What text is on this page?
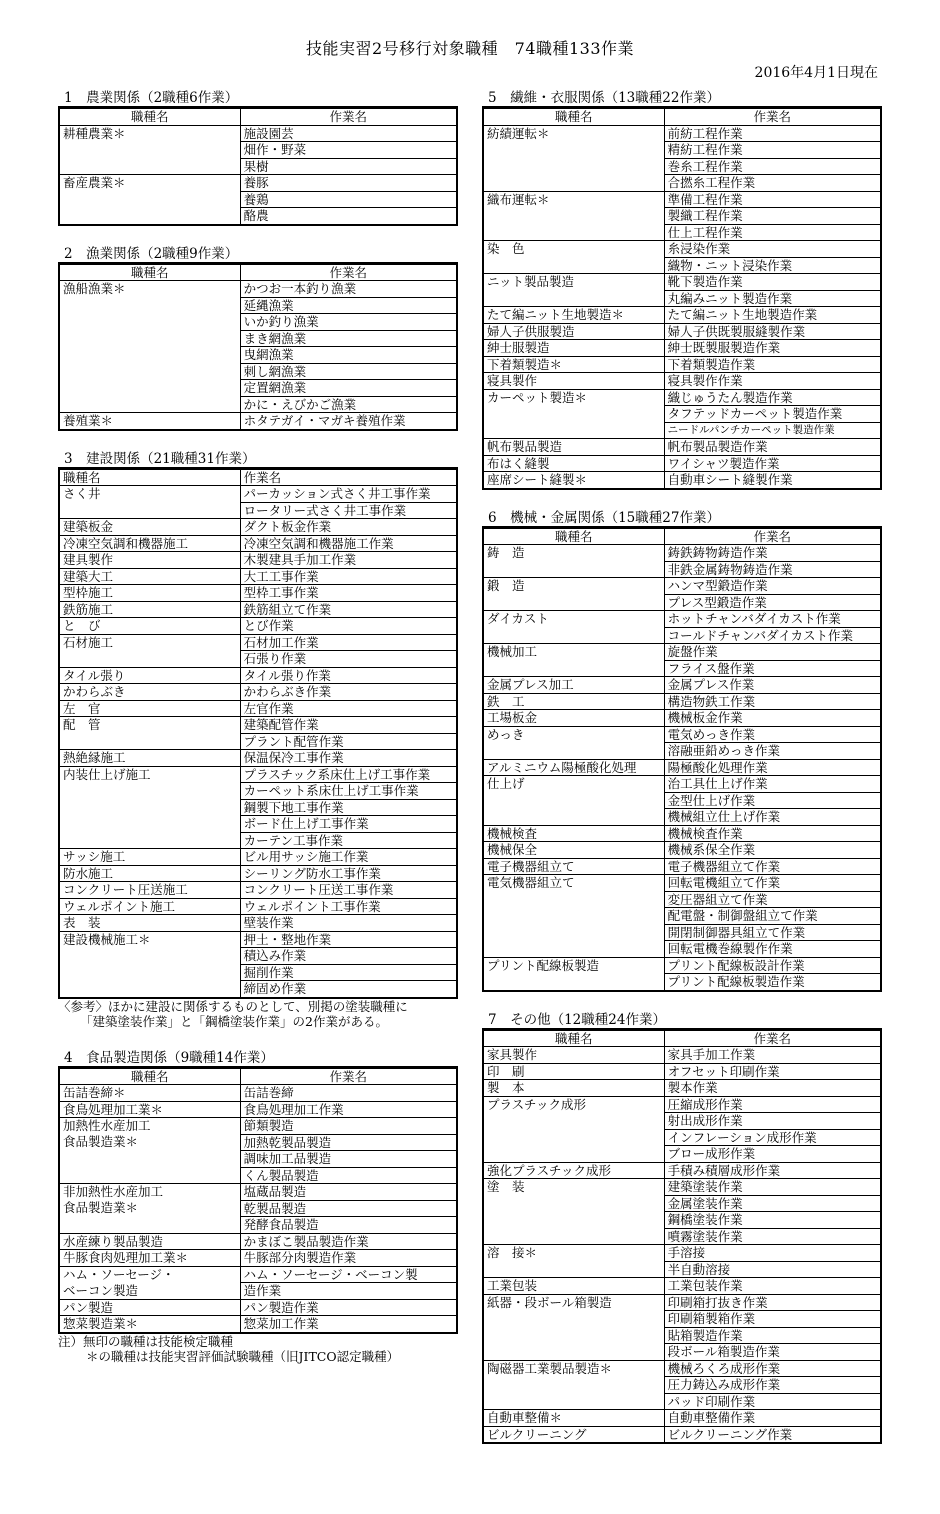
技能実習2号移行対象職種　74職種133作業
2016年4月1日現在
1　農業関係（2職種6作業）
職種名	作業名
耕種農業＊	施設園芸
	畑作・野菜
	果樹
畜産農業＊	養豚
	養鶏
	酪農
2　漁業関係（2職種9作業）
職種名	作業名
漁船漁業＊	かつお一本釣り漁業
	延縄漁業
	いか釣り漁業
	まき網漁業
	曳網漁業
	刺し網漁業
	定置網漁業
	かに・えびかご漁業
養殖業＊	ホタテガイ・マガキ養殖作業
3　建設関係（21職種31作業）
職種名	作業名
さく井	パーカッション式さく井工事作業
	ロータリー式さく井工事作業
建築板金	ダクト板金作業
冷凍空気調和機器施工	冷凍空気調和機器施工作業
建具製作	木製建具手加工作業
建築大工	大工工事作業
型枠施工	型枠工事作業
鉄筋施工	鉄筋組立て作業
と　び	とび作業
石材施工	石材加工作業
	石張り作業
タイル張り	タイル張り作業
かわらぶき	かわらぶき作業
左　官	左官作業
配　管	建築配管作業
	プラント配管作業
熱絶縁施工	保温保冷工事作業
内装仕上げ施工	プラスチック系床仕上げ工事作業
	カーペット系床仕上げ工事作業
	鋼製下地工事作業
	ボード仕上げ工事作業
	カーテン工事作業
サッシ施工	ビル用サッシ施工作業
防水施工	シーリング防水工事作業
コンクリート圧送施工	コンクリート圧送工事作業
ウェルポイント施工	ウェルポイント工事作業
表　装	壁装作業
建設機械施工＊	押土・整地作業
	積込み作業
	掘削作業
	締固め作業
〈参考〉ほかに建設に関係するものとして、別掲の塗装職種に
「建築塗装作業」と「鋼橋塗装作業」の2作業がある。
4　食品製造関係（9職種14作業）
職種名	作業名
缶詰巻締＊	缶詰巻締
食鳥処理加工業＊	食鳥処理加工作業
加熱性水産加工	節類製造
食品製造業＊	加熱乾製品製造
	調味加工品製造
	くん製品製造
非加熱性水産加工	塩蔵品製造
食品製造業＊	乾製品製造
	発酵食品製造
水産練り製品製造	かまぼこ製品製造作業
牛豚食肉処理加工業＊	牛豚部分肉製造作業
ハム・ソーセージ・	ハム・ソーセージ・ベーコン製
ベーコン製造	造作業
パン製造	パン製造作業
惣菜製造業＊	惣菜加工作業
注）無印の職種は技能検定職種
＊の職種は技能実習評価試験職種（旧JITCO認定職種）
5　繊維・衣服関係（13職種22作業）
職種名	作業名
紡績運転＊	前紡工程作業
	精紡工程作業
	巻糸工程作業
	合撚糸工程作業
織布運転＊	準備工程作業
	製織工程作業
	仕上工程作業
染　色	糸浸染作業
	織物・ニット浸染作業
ニット製品製造	靴下製造作業
	丸編みニット製造作業
たて編ニット生地製造＊	たて編ニット生地製造作業
婦人子供服製造	婦人子供既製服縫製作業
紳士服製造	紳士既製服製造作業
下着類製造＊	下着類製造作業
寝具製作	寝具製作作業
カーペット製造＊	織じゅうたん製造作業
	タフテッドカーペット製造作業
	ニードルパンチカーペット製造作業
帆布製品製造	帆布製品製造作業
布はく縫製	ワイシャツ製造作業
座席シート縫製＊	自動車シート縫製作業
6　機械・金属関係（15職種27作業）
職種名	作業名
鋳　造	鋳鉄鋳物鋳造作業
	非鉄金属鋳物鋳造作業
鍛　造	ハンマ型鍛造作業
	プレス型鍛造作業
ダイカスト	ホットチャンバダイカスト作業
	コールドチャンバダイカスト作業
機械加工	旋盤作業
	フライス盤作業
金属プレス加工	金属プレス作業
鉄　工	構造物鉄工作業
工場板金	機械板金作業
めっき	電気めっき作業
	溶融亜鉛めっき作業
アルミニウム陽極酸化処理	陽極酸化処理作業
仕上げ	治工具仕上げ作業
	金型仕上げ作業
	機械組立仕上げ作業
機械検査	機械検査作業
機械保全	機械系保全作業
電子機器組立て	電子機器組立て作業
電気機器組立て	回転電機組立て作業
	変圧器組立て作業
	配電盤・制御盤組立て作業
	開閉制御器具組立て作業
	回転電機巻線製作作業
プリント配線板製造	プリント配線板設計作業
	プリント配線板製造作業
7　その他（12職種24作業）
職種名	作業名
家具製作	家具手加工作業
印　刷	オフセット印刷作業
製　本	製本作業
プラスチック成形	圧縮成形作業
	射出成形作業
	インフレーション成形作業
	ブロー成形作業
強化プラスチック成形	手積み積層成形作業
塗　装	建築塗装作業
	金属塗装作業
	鋼橋塗装作業
	噴霧塗装作業
溶　接＊	手溶接
	半自動溶接
工業包装	工業包装作業
紙器・段ボール箱製造	印刷箱打抜き作業
	印刷箱製箱作業
	貼箱製造作業
	段ボール箱製造作業
陶磁器工業製品製造＊	機械ろくろ成形作業
	圧力鋳込み成形作業
	パッド印刷作業
自動車整備＊	自動車整備作業
ビルクリーニング	ビルクリーニング作業
